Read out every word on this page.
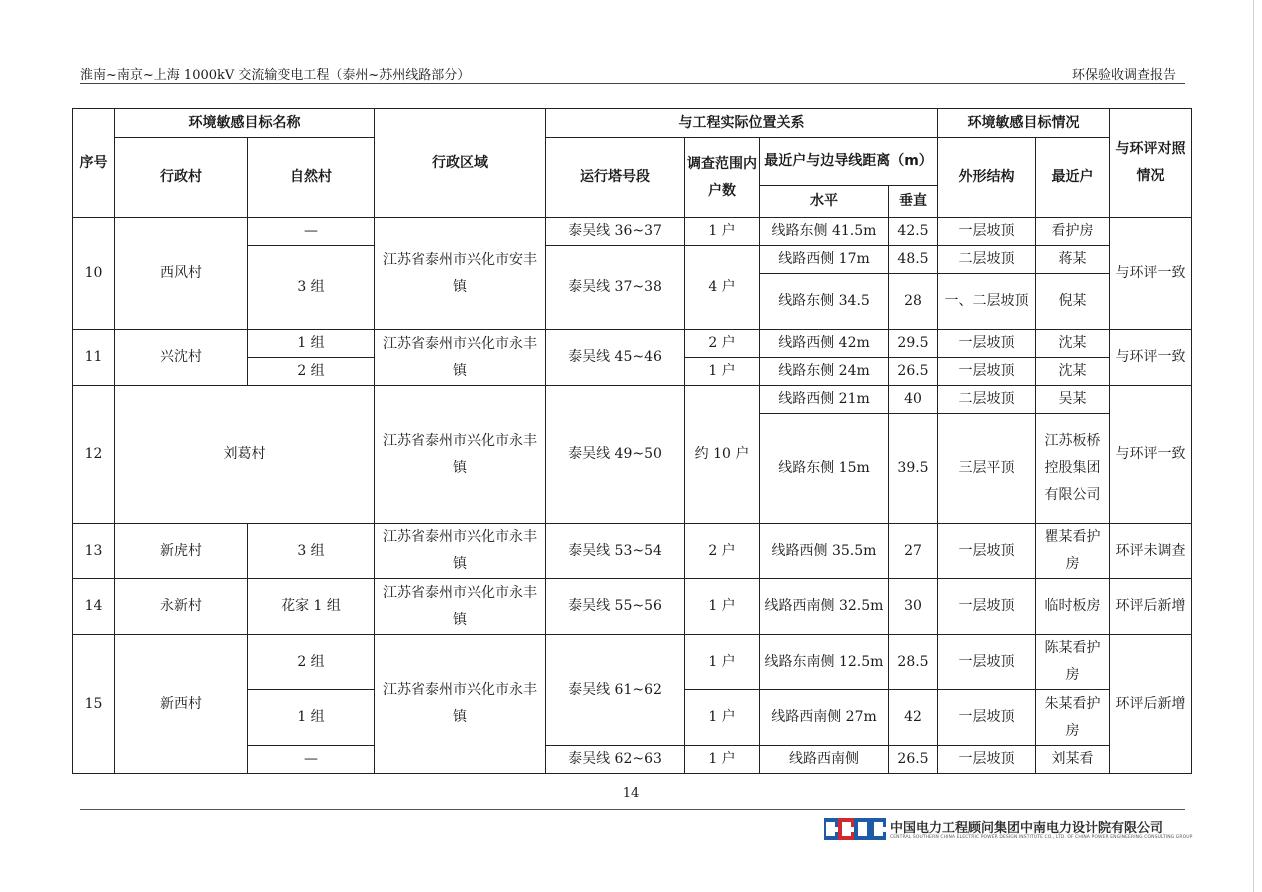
淮南~南京~上海 1000kV 交流输变电工程（泰州~苏州线路部分）	环保验收调查报告
序号	环境敏感目标名称		行政区域	与工程实际位置关系				环境敏感目标情况		与环评对照情况
	行政村	自然村		运行塔号段	调查范围内户数	最近户与边导线距离（m）		外形结构	最近户	
						水平	垂直			
10	西风村	—	江苏省泰州市兴化市安丰镇	泰吴线 36~37	1 户	线路东侧 41.5m	42.5	一层坡顶	看护房	与环评一致
		3 组		泰吴线 37~38	4 户	线路西侧 17m	48.5	二层坡顶	蒋某	
						线路东侧 34.5	28	一、二层坡顶	倪某	
11	兴沈村	1 组	江苏省泰州市兴化市永丰镇	泰吴线 45~46	2 户	线路西侧 42m	29.5	一层坡顶	沈某	与环评一致
		2 组			1 户	线路东侧 24m	26.5	一层坡顶	沈某	
12	刘葛村		江苏省泰州市兴化市永丰镇	泰吴线 49~50	约 10 户	线路西侧 21m	40	二层坡顶	吴某	与环评一致
						线路东侧 15m	39.5	三层平顶	江苏板桥控股集团有限公司	
13	新虎村	3 组	江苏省泰州市兴化市永丰镇	泰吴线 53~54	2 户	线路西侧 35.5m	27	一层坡顶	瞿某看护房	环评未调查
14	永新村	花家 1 组	江苏省泰州市兴化市永丰镇	泰吴线 55~56	1 户	线路西南侧 32.5m	30	一层坡顶	临时板房	环评后新增
15	新西村	2 组	江苏省泰州市兴化市永丰镇	泰吴线 61~62	1 户	线路东南侧 12.5m	28.5	一层坡顶	陈某看护房	环评后新增
		1 组			1 户	线路西南侧 27m	42	一层坡顶	朱某看护房	
		—		泰吴线 62~63	1 户	线路西南侧	26.5	一层坡顶	刘某看	
14
中国电力工程顾问集团中南电力设计院有限公司
CENTRAL SOUTHERN CHINA ELECTRIC POWER DESIGN INSTITUTE CO., LTD. OF CHINA POWER ENGINEERING CONSULTING GROUP
